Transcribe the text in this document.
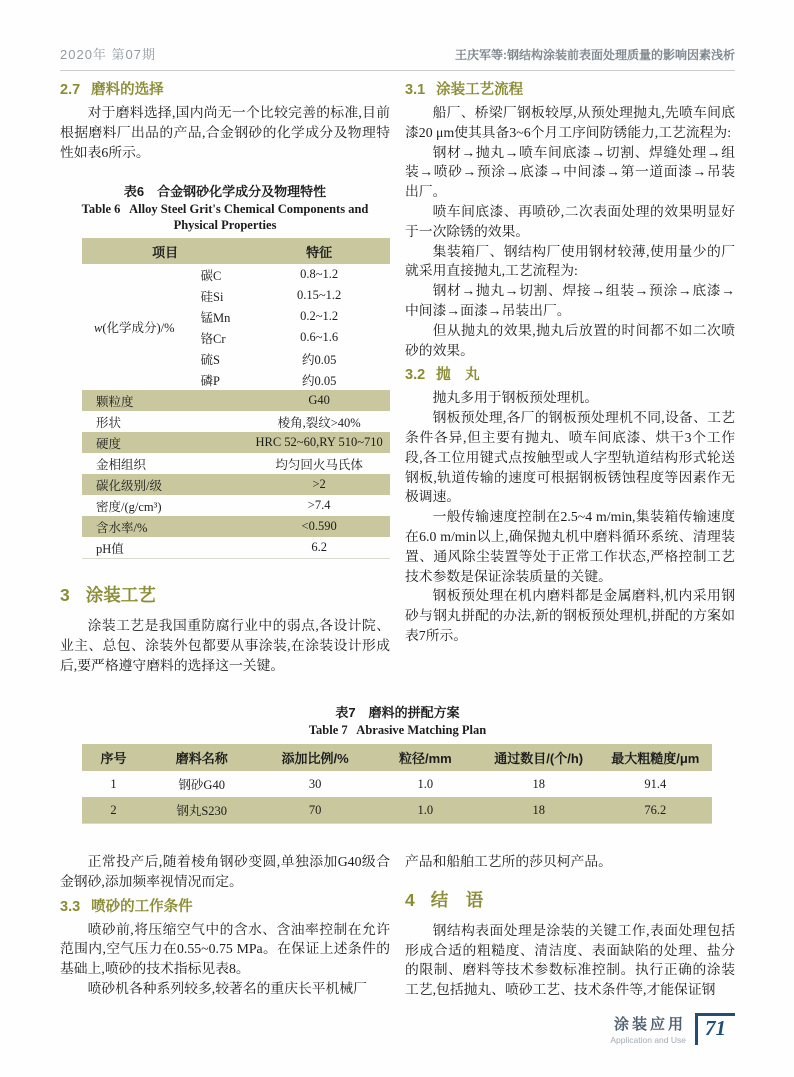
2020年 第07期	王庆军等:钢结构涂装前表面处理质量的影响因素浅析
2.7 磨料的选择

对于磨料选择,国内尚无一个比较完善的标准,目前根据磨料厂出品的产品,合金钢砂的化学成分及物理特性如表6所示。

表6　合金钢砂化学成分及物理特性
Table 6   Alloy Steel Grit's Chemical Components and
Physical Properties
项目		特征
w(化学成分)/%	碳C	0.8~1.2
	硅Si	0.15~1.2
	锰Mn	0.2~1.2
	铬Cr	0.6~1.6
	硫S	约0.05
	磷P	约0.05
颗粒度		G40
形状		棱角,裂纹>40%
硬度		HRC 52~60,RY 510~710
金相组织		均匀回火马氏体
碳化级别/级		>2
密度/(g/cm³)		>7.4
含水率/%		<0.590
pH值		6.2
3 涂装工艺

涂装工艺是我国重防腐行业中的弱点,各设计院、业主、总包、涂装外包都要从事涂装,在涂装设计形成后,要严格遵守磨料的选择这一关键。

3.1 涂装工艺流程

船厂、桥梁厂钢板较厚,从预处理抛丸,先喷车间底漆20 μm使其具备3~6个月工序间防锈能力,工艺流程为:

钢材→抛丸→喷车间底漆→切割、焊缝处理→组装→喷砂→预涂→底漆→中间漆→第一道面漆→吊装出厂。

喷车间底漆、再喷砂,二次表面处理的效果明显好于一次除锈的效果。

集装箱厂、钢结构厂使用钢材较薄,使用量少的厂就采用直接抛丸,工艺流程为:

钢材→抛丸→切割、焊接→组装→预涂→底漆→中间漆→面漆→吊装出厂。

但从抛丸的效果,抛丸后放置的时间都不如二次喷砂的效果。

3.2 抛　丸

抛丸多用于钢板预处理机。

钢板预处理,各厂的钢板预处理机不同,设备、工艺条件各异,但主要有抛丸、喷车间底漆、烘干3个工作段,各工位用键式点按触型或人字型轨道结构形式轮送钢板,轨道传输的速度可根据钢板锈蚀程度等因素作无极调速。

一般传输速度控制在2.5~4 m/min,集装箱传输速度在6.0 m/min以上,确保抛丸机中磨料循环系统、清理装置、通风除尘装置等处于正常工作状态,严格控制工艺技术参数是保证涂装质量的关键。

钢板预处理在机内磨料都是金属磨料,机内采用钢砂与钢丸拼配的办法,新的钢板预处理机,拼配的方案如表7所示。

表7　磨料的拼配方案
Table 7   Abrasive Matching Plan
序号	磨料名称	添加比例/%	粒径/mm	通过数目/(个/h)	最大粗糙度/μm
1	钢砂G40	30	1.0	18	91.4
2	钢丸S230	70	1.0	18	76.2

正常投产后,随着棱角钢砂变圆,单独添加G40级合金钢砂,添加频率视情况而定。

3.3 喷砂的工作条件

喷砂前,将压缩空气中的含水、含油率控制在允许范围内,空气压力在0.55~0.75 MPa。在保证上述条件的基础上,喷砂的技术指标见表8。

喷砂机各种系列较多,较著名的重庆长平机械厂

产品和船舶工艺所的莎贝柯产品。

4 结　语

钢结构表面处理是涂装的关键工作,表面处理包括形成合适的粗糙度、清洁度、表面缺陷的处理、盐分的限制、磨料等技术参数标准控制。执行正确的涂装工艺,包括抛丸、喷砂工艺、技术条件等,才能保证钢

涂装应用
Application and Use 71
